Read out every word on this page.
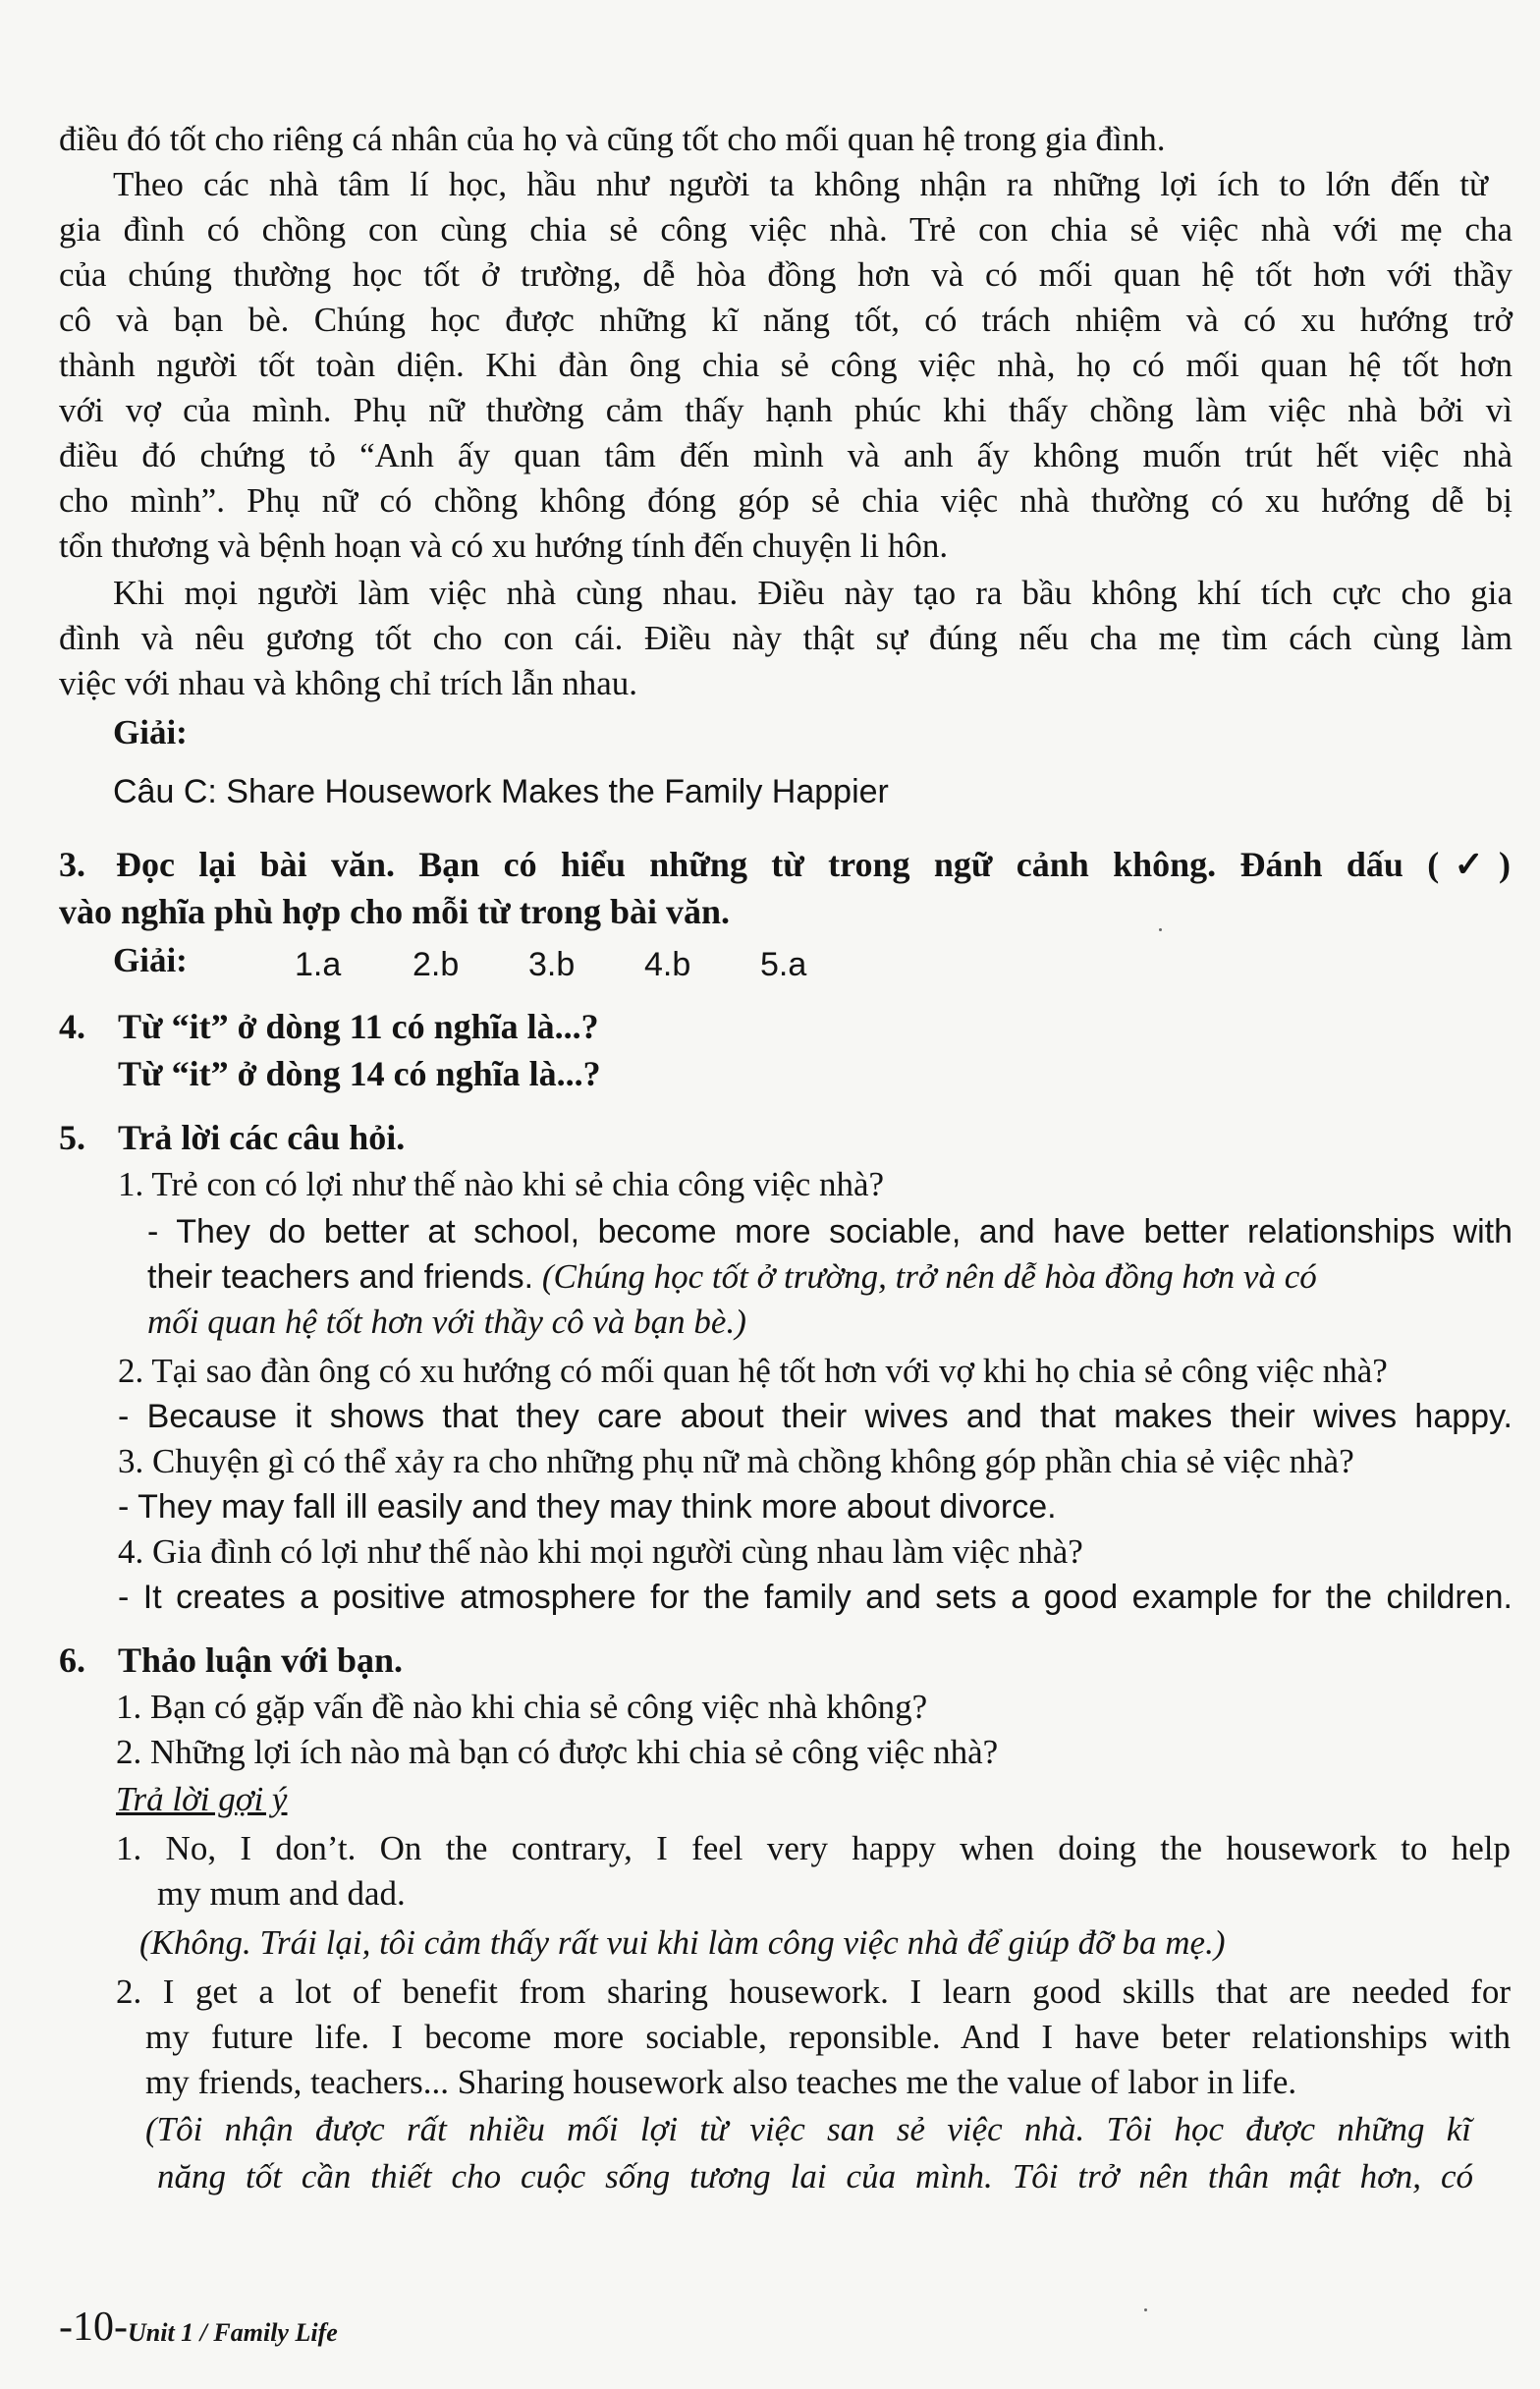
điều đó tốt cho riêng cá nhân của họ và cũng tốt cho mối quan hệ trong gia đình.
Theo các nhà tâm lí học, hầu như người ta không nhận ra những lợi ích to lớn đến từ
gia đình có chồng con cùng chia sẻ công việc nhà. Trẻ con chia sẻ việc nhà với mẹ cha
của chúng thường học tốt ở trường, dễ hòa đồng hơn và có mối quan hệ tốt hơn với thầy
cô và bạn bè. Chúng học được những kĩ năng tốt, có trách nhiệm và có xu hướng trở
thành người tốt toàn diện. Khi đàn ông chia sẻ công việc nhà, họ có mối quan hệ tốt hơn
với vợ của mình. Phụ nữ thường cảm thấy hạnh phúc khi thấy chồng làm việc nhà bởi vì
điều đó chứng tỏ “Anh ấy quan tâm đến mình và anh ấy không muốn trút hết việc nhà
cho mình”. Phụ nữ có chồng không đóng góp sẻ chia việc nhà thường có xu hướng dễ bị
tổn thương và bệnh hoạn và có xu hướng tính đến chuyện li hôn.
Khi mọi người làm việc nhà cùng nhau. Điều này tạo ra bầu không khí tích cực cho gia
đình và nêu gương tốt cho con cái. Điều này thật sự đúng nếu cha mẹ tìm cách cùng làm
việc với nhau và không chỉ trích lẫn nhau.
Giải:
Câu C: Share Housework Makes the Family Happier
3. Đọc lại bài văn. Bạn có hiểu những từ trong ngữ cảnh không. Đánh dấu (✓)
vào nghĩa phù hợp cho mỗi từ trong bài văn.
Giải:	1.a 2.b 3.b 4.b 5.a
4. Từ “it” ở dòng 11 có nghĩa là...?
Từ “it” ở dòng 14 có nghĩa là...?
5. Trả lời các câu hỏi.
1. Trẻ con có lợi như thế nào khi sẻ chia công việc nhà?
- They do better at school, become more sociable, and have better relationships with
their teachers and friends. (Chúng học tốt ở trường, trở nên dễ hòa đồng hơn và có
mối quan hệ tốt hơn với thầy cô và bạn bè.)
2. Tại sao đàn ông có xu hướng có mối quan hệ tốt hơn với vợ khi họ chia sẻ công việc nhà?
- Because it shows that they care about their wives and that makes their wives happy.
3. Chuyện gì có thể xảy ra cho những phụ nữ mà chồng không góp phần chia sẻ việc nhà?
- They may fall ill easily and they may think more about divorce.
4. Gia đình có lợi như thế nào khi mọi người cùng nhau làm việc nhà?
- It creates a positive atmosphere for the family and sets a good example for the children.
6. Thảo luận với bạn.
1. Bạn có gặp vấn đề nào khi chia sẻ công việc nhà không?
2. Những lợi ích nào mà bạn có được khi chia sẻ công việc nhà?
Trả lời gợi ý
1. No, I don’t. On the contrary, I feel very happy when doing the housework to help
my mum and dad.
(Không. Trái lại, tôi cảm thấy rất vui khi làm công việc nhà để giúp đỡ ba mẹ.)
2. I get a lot of benefit from sharing housework. I learn good skills that are needed for
my future life. I become more sociable, reponsible. And I have beter relationships with
my friends, teachers... Sharing housework also teaches me the value of labor in life.
(Tôi nhận được rất nhiều mối lợi từ việc san sẻ việc nhà. Tôi học được những kĩ
năng tốt cần thiết cho cuộc sống tương lai của mình. Tôi trở nên thân mật hơn, có
-10- Unit 1 / Family Life
